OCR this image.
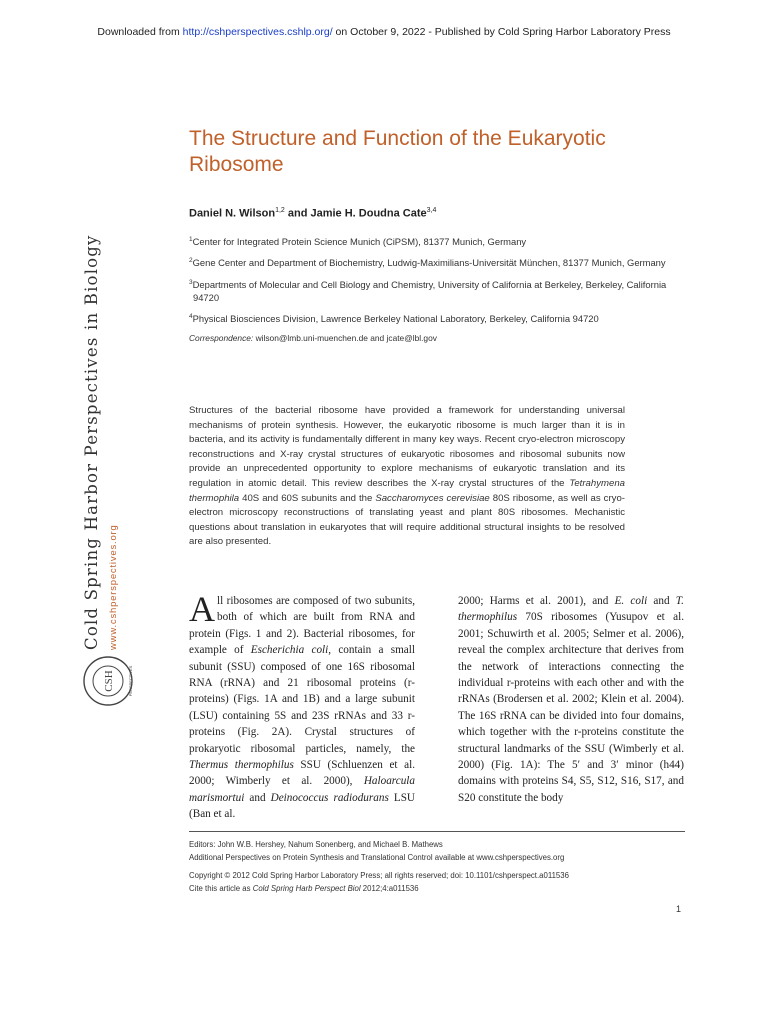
Downloaded from http://cshperspectives.cshlp.org/ on October 9, 2022 - Published by Cold Spring Harbor Laboratory Press
Cold Spring Harbor Perspectives in Biology www.cshperspectives.org
CSH	PERSPECTIVES
The Structure and Function of the Eukaryotic Ribosome
Daniel N. Wilson$^{1,2}$ and Jamie H. Doudna Cate$^{3,4}$
$^1$Center for Integrated Protein Science Munich (CiPSM), 81377 Munich, Germany
$^2$Gene Center and Department of Biochemistry, Ludwig-Maximilians-Universität München, 81377 Munich, Germany
$^3$Departments of Molecular and Cell Biology and Chemistry, University of California at Berkeley, Berkeley, California 94720
$^4$Physical Biosciences Division, Lawrence Berkeley National Laboratory, Berkeley, California 94720
Correspondence: wilson@lmb.uni-muenchen.de and jcate@lbl.gov
Structures of the bacterial ribosome have provided a framework for understanding universal mechanisms of protein synthesis. However, the eukaryotic ribosome is much larger than it is in bacteria, and its activity is fundamentally different in many key ways. Recent cryo-electron microscopy reconstructions and X-ray crystal structures of eukaryotic ribosomes and ribosomal subunits now provide an unprecedented opportunity to explore mechanisms of eukaryotic translation and its regulation in atomic detail. This review describes the X-ray crystal structures of the Tetrahymena thermophila 40S and 60S subunits and the Saccharomyces cerevisiae 80S ribosome, as well as cryo-electron microscopy reconstructions of translating yeast and plant 80S ribosomes. Mechanistic questions about translation in eukaryotes that will require additional structural insights to be resolved are also presented.
All ribosomes are composed of two subunits, both of which are built from RNA and protein (Figs. 1 and 2). Bacterial ribosomes, for example of Escherichia coli, contain a small subunit (SSU) composed of one 16S ribosomal RNA (rRNA) and 21 ribosomal proteins (r-proteins) (Figs. 1A and 1B) and a large subunit (LSU) containing 5S and 23S rRNAs and 33 r-proteins (Fig. 2A). Crystal structures of prokaryotic ribosomal particles, namely, the Thermus thermophilus SSU (Schluenzen et al. 2000; Wimberly et al. 2000), Haloarcula marismortui and Deinococcus radiodurans LSU (Ban et al.
2000; Harms et al. 2001), and E. coli and T. thermophilus 70S ribosomes (Yusupov et al. 2001; Schuwirth et al. 2005; Selmer et al. 2006), reveal the complex architecture that derives from the network of interactions connecting the individual r-proteins with each other and with the rRNAs (Brodersen et al. 2002; Klein et al. 2004). The 16S rRNA can be divided into four domains, which together with the r-proteins constitute the structural landmarks of the SSU (Wimberly et al. 2000) (Fig. 1A): The 5′ and 3′ minor (h44) domains with proteins S4, S5, S12, S16, S17, and S20 constitute the body
Editors: John W.B. Hershey, Nahum Sonenberg, and Michael B. Mathews
Additional Perspectives on Protein Synthesis and Translational Control available at www.cshperspectives.org
Copyright © 2012 Cold Spring Harbor Laboratory Press; all rights reserved; doi: 10.1101/cshperspect.a011536
Cite this article as Cold Spring Harb Perspect Biol 2012;4:a011536
1
